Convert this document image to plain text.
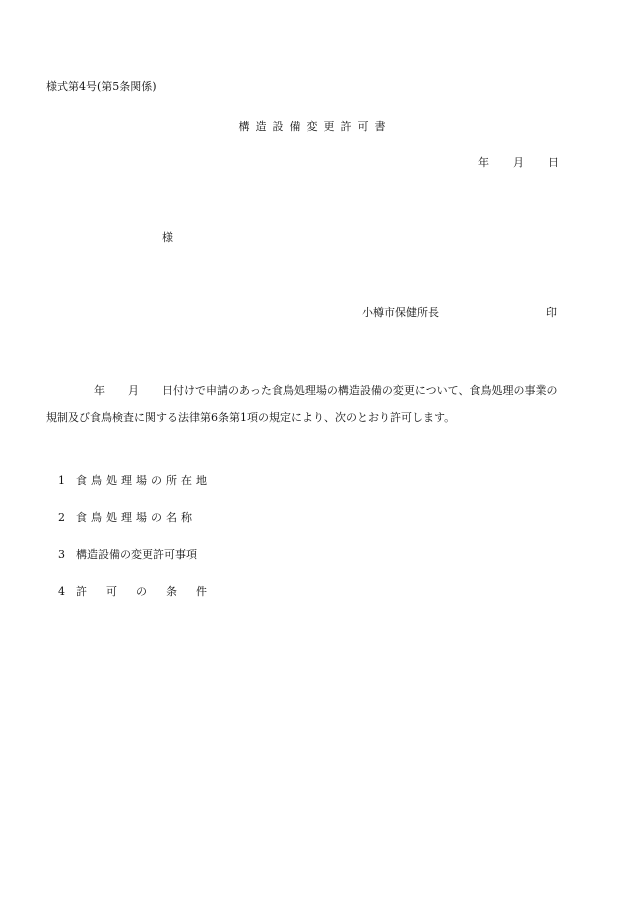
様式第4号(第5条関係)
構造設備変更許可書
年 月 日
様
小樽市保健所長	印
年 月 日付けで申請のあった食鳥処理場の構造設備の変更について、食鳥処理の事業の
規制及び食鳥検査に関する法律第6条第1項の規定により、次のとおり許可します。
1 食鳥処理場の所在地
2 食鳥処理場の名称
3 構造設備の変更許可事項
4 許可の条件
